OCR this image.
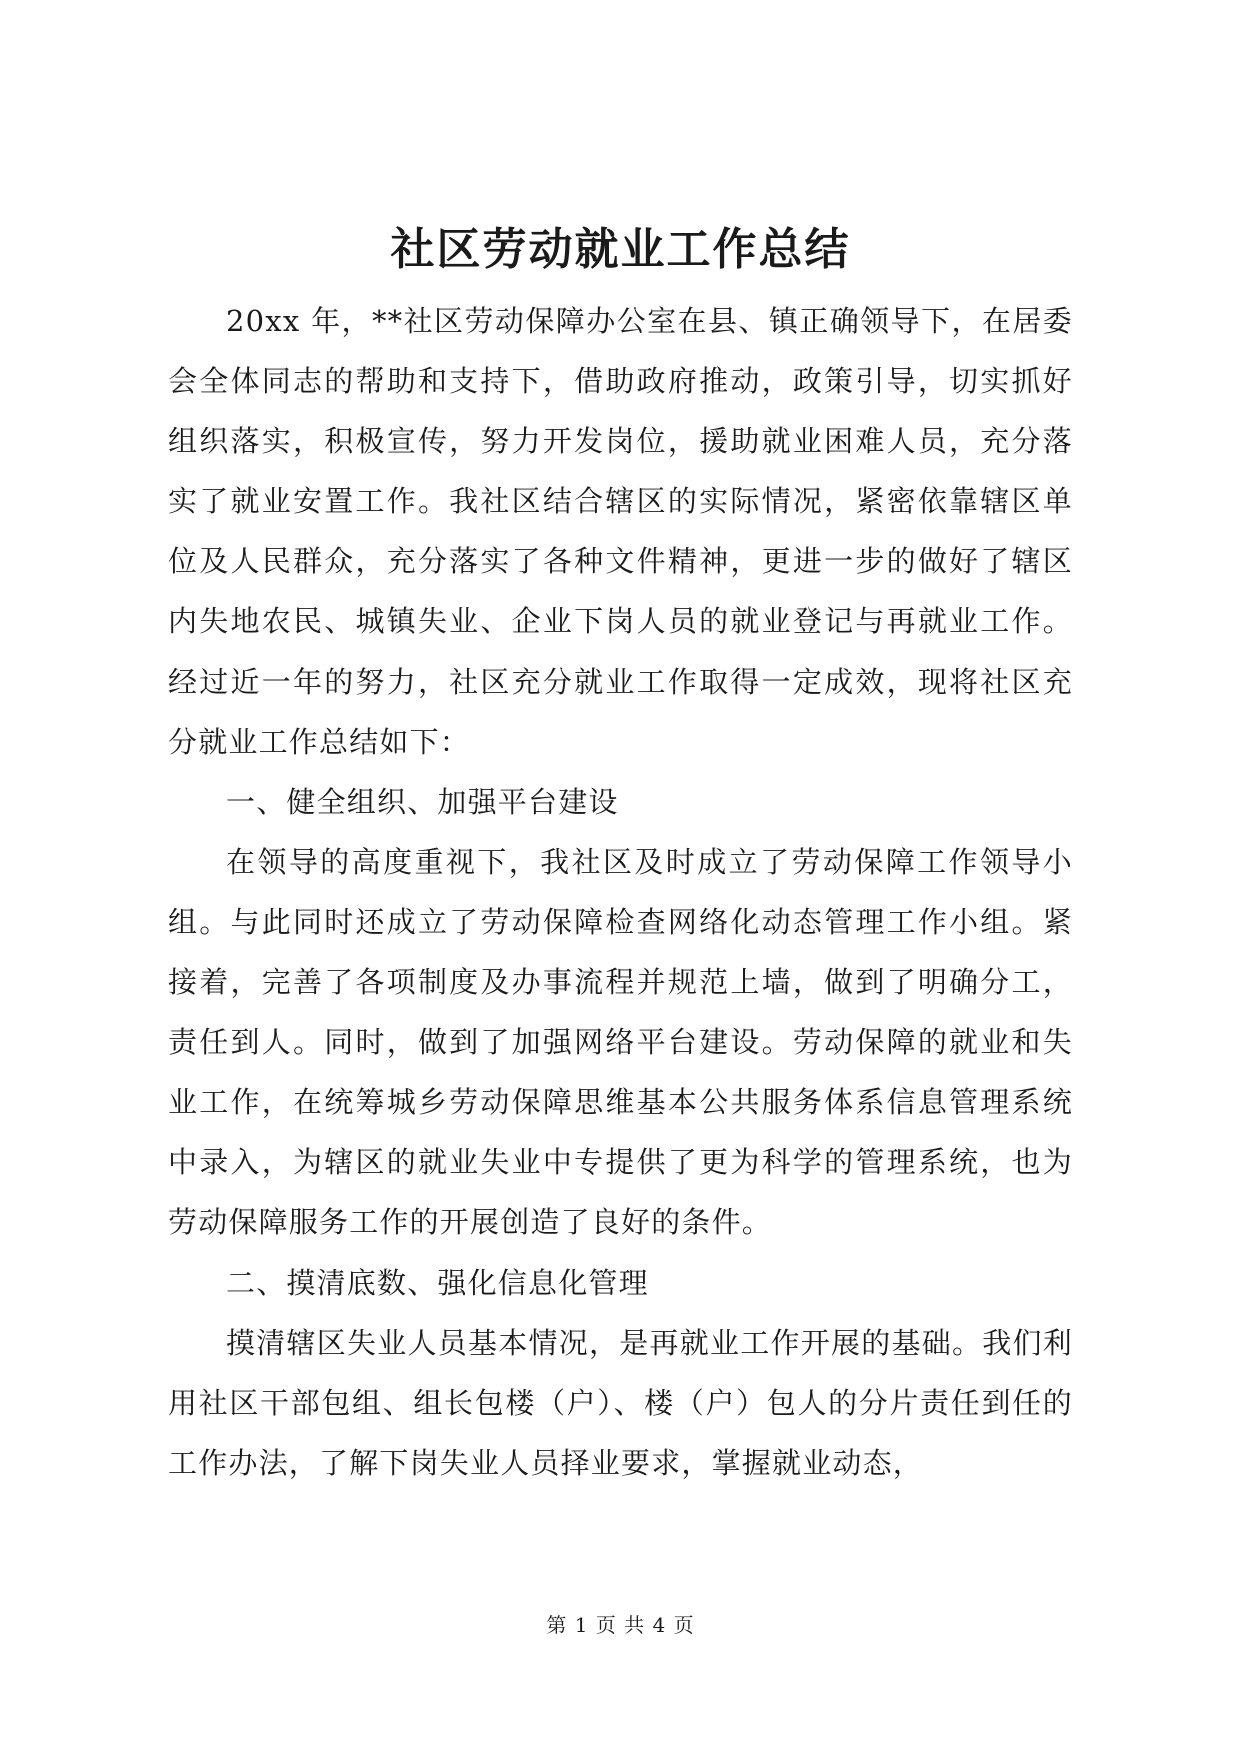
社区劳动就业工作总结

20xx 年，**社区劳动保障办公室在县、镇正确领导下，在居委会全体同志的帮助和支持下，借助政府推动，政策引导，切实抓好组织落实，积极宣传，努力开发岗位，援助就业困难人员，充分落实了就业安置工作。我社区结合辖区的实际情况，紧密依靠辖区单位及人民群众，充分落实了各种文件精神，更进一步的做好了辖区内失地农民、城镇失业、企业下岗人员的就业登记与再就业工作。经过近一年的努力，社区充分就业工作取得一定成效，现将社区充分就业工作总结如下：

一、健全组织、加强平台建设

在领导的高度重视下，我社区及时成立了劳动保障工作领导小组。与此同时还成立了劳动保障检查网络化动态管理工作小组。紧接着，完善了各项制度及办事流程并规范上墙，做到了明确分工，责任到人。同时，做到了加强网络平台建设。劳动保障的就业和失业工作，在统筹城乡劳动保障思维基本公共服务体系信息管理系统中录入，为辖区的就业失业中专提供了更为科学的管理系统，也为劳动保障服务工作的开展创造了良好的条件。

二、摸清底数、强化信息化管理

摸清辖区失业人员基本情况，是再就业工作开展的基础。我们利用社区干部包组、组长包楼（户）、楼（户）包人的分片责任到任的工作办法，了解下岗失业人员择业要求，掌握就业动态，

第 1 页 共 4 页
